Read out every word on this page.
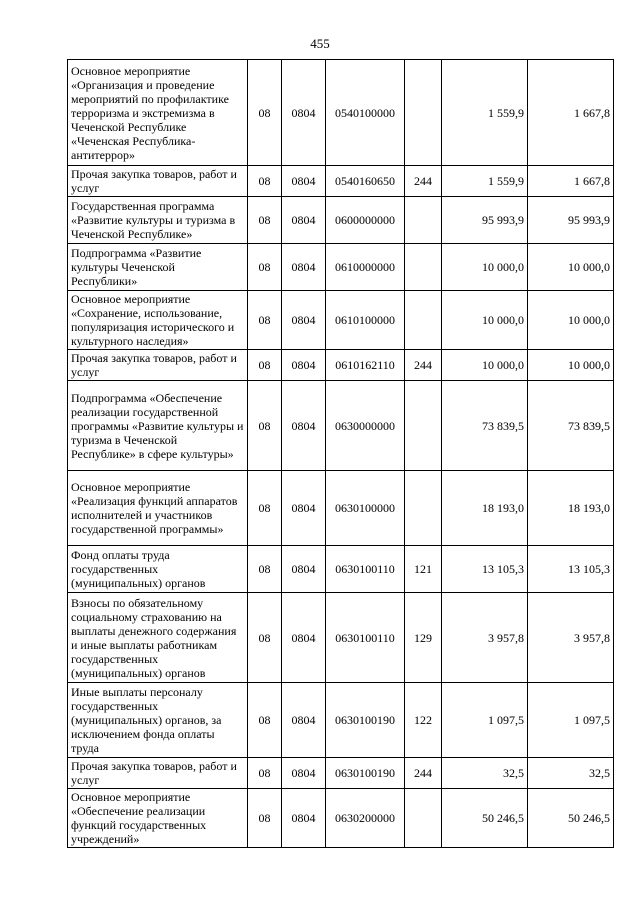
455
Основное мероприятие «Организация и проведение мероприятий по профилактике терроризма и экстремизма в Чеченской Республике «Чеченская Республика-антитеррор»	08	0804	0540100000		1 559,9	1 667,8
Прочая закупка товаров, работ и услуг	08	0804	0540160650	244	1 559,9	1 667,8
Государственная программа «Развитие культуры и туризма в Чеченской Республике»	08	0804	0600000000		95 993,9	95 993,9
Подпрограмма «Развитие культуры Чеченской Республики»	08	0804	0610000000		10 000,0	10 000,0
Основное мероприятие «Сохранение, использование, популяризация исторического и культурного наследия»	08	0804	0610100000		10 000,0	10 000,0
Прочая закупка товаров, работ и услуг	08	0804	0610162110	244	10 000,0	10 000,0
Подпрограмма «Обеспечение реализации государственной программы «Развитие культуры и туризма в Чеченской Республике» в сфере культуры»	08	0804	0630000000		73 839,5	73 839,5
Основное мероприятие «Реализация функций аппаратов исполнителей и участников государственной программы»	08	0804	0630100000		18 193,0	18 193,0
Фонд оплаты труда государственных (муниципальных) органов	08	0804	0630100110	121	13 105,3	13 105,3
Взносы по обязательному социальному страхованию на выплаты денежного содержания и иные выплаты работникам государственных (муниципальных) органов	08	0804	0630100110	129	3 957,8	3 957,8
Иные выплаты персоналу государственных (муниципальных) органов, за исключением фонда оплаты труда	08	0804	0630100190	122	1 097,5	1 097,5
Прочая закупка товаров, работ и услуг	08	0804	0630100190	244	32,5	32,5
Основное мероприятие «Обеспечение реализации функций государственных учреждений»	08	0804	0630200000		50 246,5	50 246,5
